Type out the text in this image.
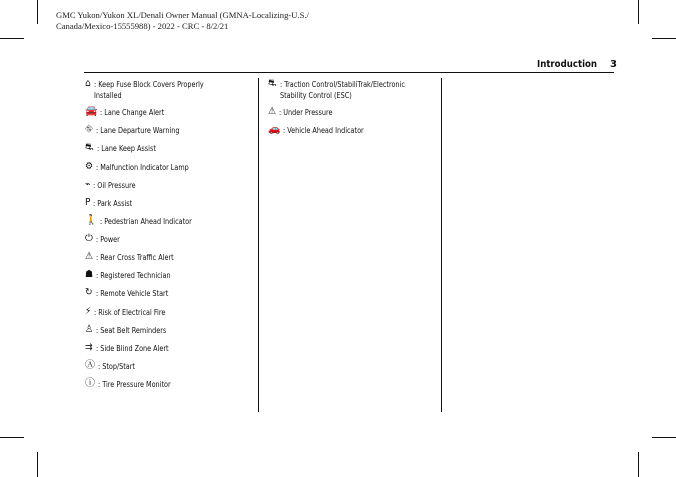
GMC Yukon/Yukon XL/Denali Owner Manual (GMNA-Localizing-U.S./
Canada/Mexico-15555988) - 2022 - CRC - 8/2/21
Introduction 3
⌂ : Keep Fuse Block Covers Properly
Installed
🚘 : Lane Change Alert
⛗ : Lane Departure Warning
⛐ : Lane Keep Assist
⚙ : Malfunction Indicator Lamp
⌁ : Oil Pressure
P : Park Assist
🚶 : Pedestrian Ahead Indicator
⏻ : Power
⚠ : Rear Cross Traffic Alert
☗ : Registered Technician
↻ : Remote Vehicle Start
⚡ : Risk of Electrical Fire
♙ : Seat Belt Reminders
⇉ : Side Blind Zone Alert
Ⓐ : Stop/Start
ⓘ : Tire Pressure Monitor
⛐ : Traction Control/StabiliTrak/Electronic
Stability Control (ESC)
⚠ : Under Pressure
🚗 : Vehicle Ahead Indicator
